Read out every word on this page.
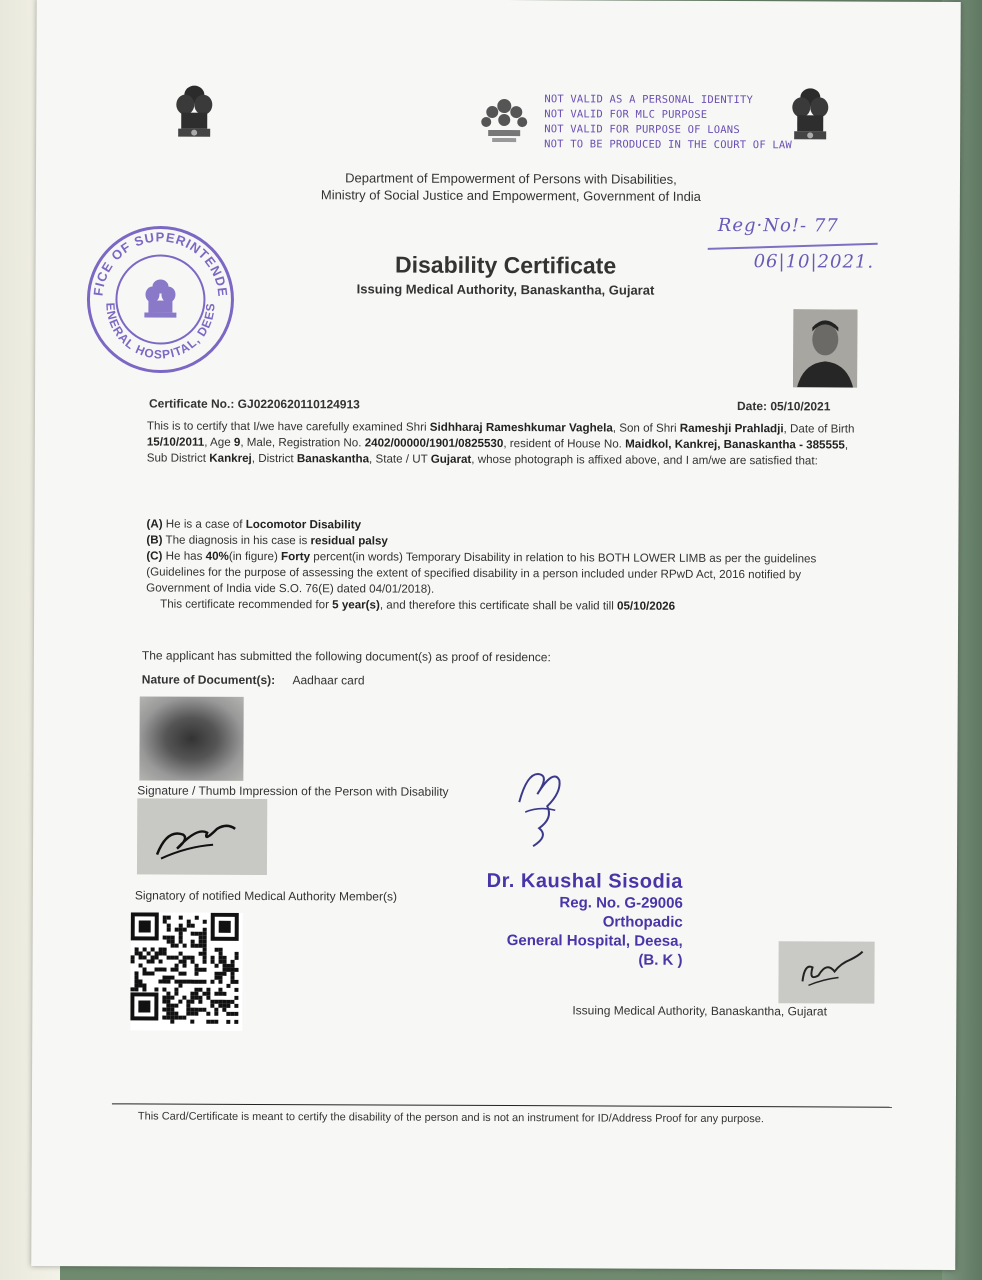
NOT VALID AS A PERSONAL IDENTITY
NOT VALID FOR MLC PURPOSE
NOT VALID FOR PURPOSE OF LOANS
NOT TO BE PRODUCED IN THE COURT OF LAW
Department of Empowerment of Persons with Disabilities,
Ministry of Social Justice and Empowerment, Government of India
OFFICE OF SUPERINTENDENT
GENERAL HOSPITAL, DEESA
Disability Certificate
Issuing Medical Authority, Banaskantha, Gujarat
Reg·No!- 77
06|10|2021.
Certificate No.: GJ0220620110124913	Date: 05/10/2021
This is to certify that I/we have carefully examined Shri Sidhharaj Rameshkumar Vaghela, Son of Shri Rameshji Prahladji, Date of Birth 15/10/2011, Age 9, Male, Registration No. 2402/00000/1901/0825530, resident of House No. Maidkol, Kankrej, Banaskantha - 385555, Sub District Kankrej, District Banaskantha, State / UT Gujarat, whose photograph is affixed above, and I am/we are satisfied that:
(A) He is a case of Locomotor Disability
(B) The diagnosis in his case is residual palsy
(C) He has 40%(in figure) Forty percent(in words) Temporary Disability in relation to his BOTH LOWER LIMB as per the guidelines (Guidelines for the purpose of assessing the extent of specified disability in a person included under RPwD Act, 2016 notified by Government of India vide S.O. 76(E) dated 04/01/2018).
This certificate recommended for 5 year(s), and therefore this certificate shall be valid till 05/10/2026
The applicant has submitted the following document(s) as proof of residence:
Nature of Document(s): Aadhaar card
Signature / Thumb Impression of the Person with Disability
Signatory of notified Medical Authority Member(s)
Dr. Kaushal Sisodia
Reg. No. G-29006
Orthopadic
General Hospital, Deesa,
(B. K )
Issuing Medical Authority, Banaskantha, Gujarat
This Card/Certificate is meant to certify the disability of the person and is not an instrument for ID/Address Proof for any purpose.
